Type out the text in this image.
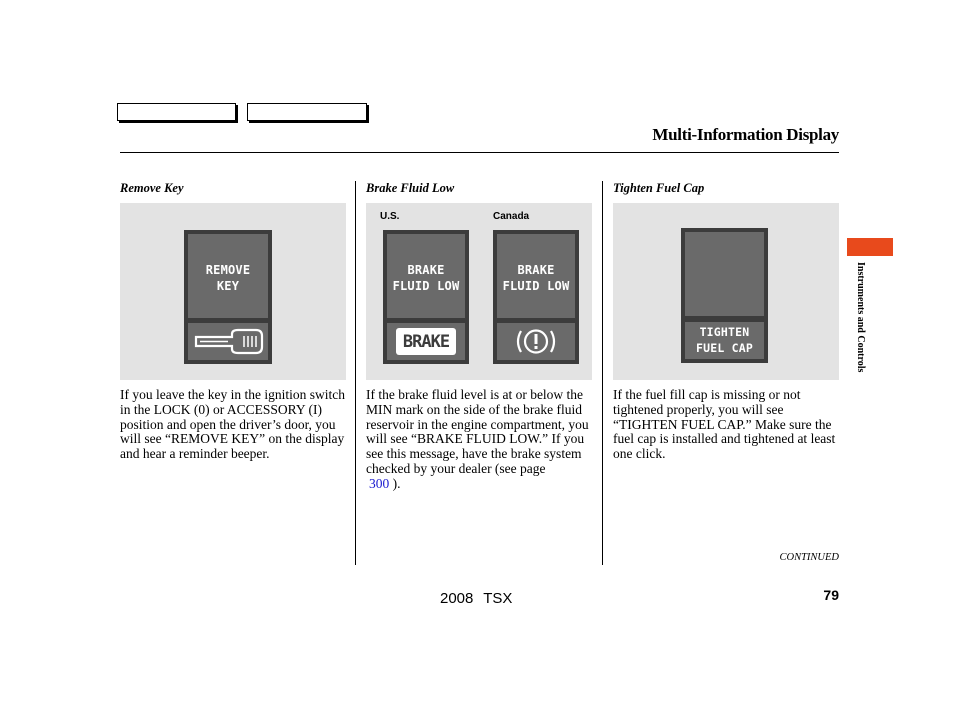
Multi-Information Display
Remove Key
REMOVE
KEY
If you leave the key in the ignition switch in the LOCK (0) or ACCESSORY (I) position and open the driver’s door, you will see “REMOVE KEY” on the display and hear a reminder beeper.
Brake Fluid Low
BRAKE
FLUID LOW
BRAKE
BRAKE
FLUID LOW
U.S.	Canada
If the brake fluid level is at or below the MIN mark on the side of the brake fluid reservoir in the engine compartment, you will see “BRAKE FLUID LOW.” If you see this message, have the brake system checked by your dealer (see page
300 ).
Tighten Fuel Cap
TIGHTEN
FUEL CAP
If the fuel fill cap is missing or not tightened properly, you will see “TIGHTEN FUEL CAP.” Make sure the fuel cap is installed and tightened at least one click.
Instruments and Controls
CONTINUED
2008 TSX	79
